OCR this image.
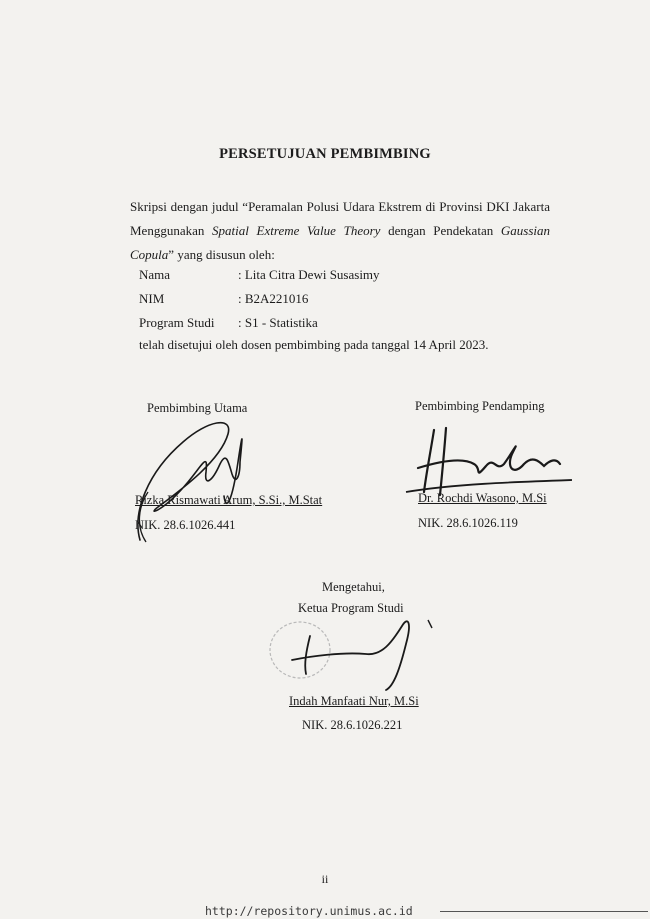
PERSETUJUAN PEMBIMBING
Skripsi dengan judul “Peramalan Polusi Udara Ekstrem di Provinsi DKI Jakarta
Menggunakan Spatial Extreme Value Theory dengan Pendekatan Gaussian
Copula” yang disusun oleh:
Nama	: Lita Citra Dewi Susasimy
NIM	: B2A221016
Program Studi : S1 - Statistika
telah disetujui oleh dosen pembimbing pada tanggal 14 April 2023.
Pembimbing Utama
Rizka Rismawati Arum, S.Si., M.Stat
NIK. 28.6.1026.441
Pembimbing Pendamping
Dr. Rochdi Wasono, M.Si
NIK. 28.6.1026.119
Mengetahui,
Ketua Program Studi
Indah Manfaati Nur, M.Si
NIK. 28.6.1026.221
ii
http://repository.unimus.ac.id
